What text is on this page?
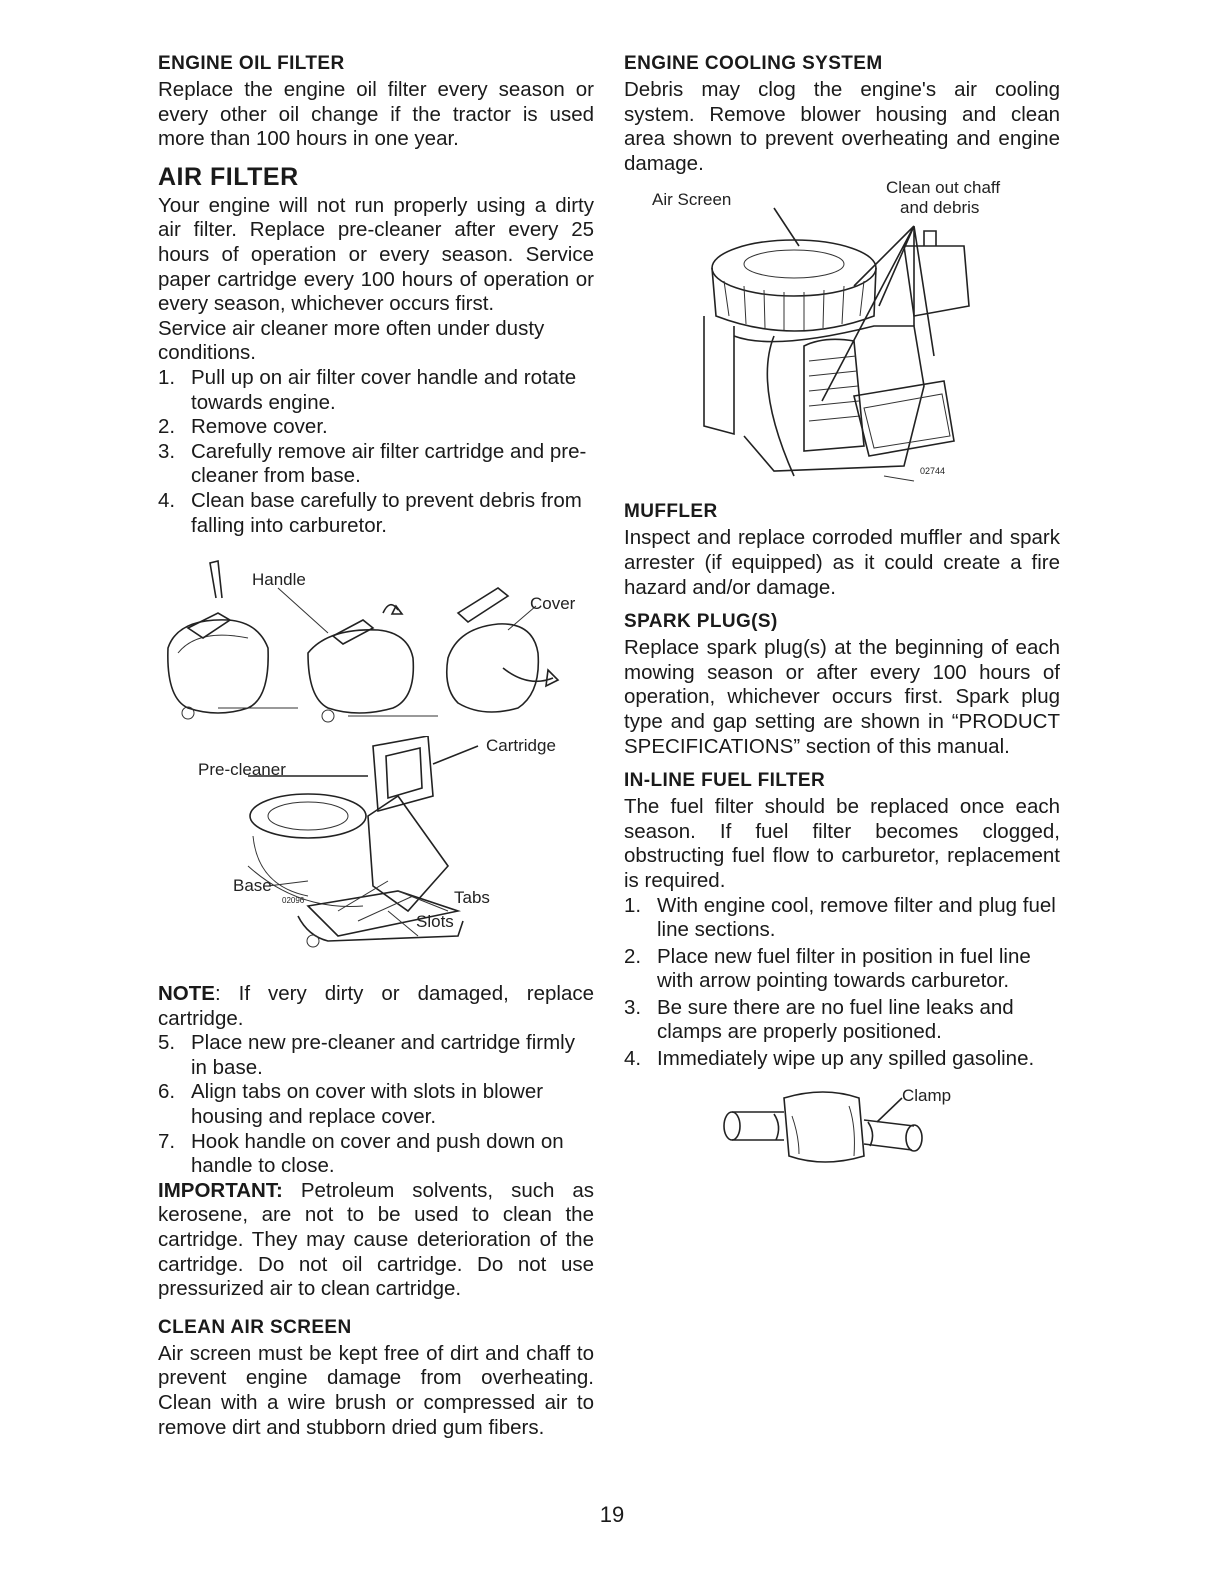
ENGINE OIL FILTER

Replace the engine oil filter every season or every other oil change if the tractor is used more than 100 hours in one year.

AIR FILTER

Your engine will not run properly using a dirty air filter. Replace pre-cleaner after every 25 hours of operation or every season. Service paper cartridge every 100 hours of operation or every season, whichever occurs first.

Service air cleaner more often under dusty conditions.

1. Pull up on air filter cover handle and rotate towards engine.
2. Remove cover.
3. Carefully remove air filter cartridge and pre-cleaner from base.
4. Clean base carefully to prevent debris from falling into carburetor.
Handle
Cover
Cartridge
Pre-cleaner
Base
Tabs
Slots
02096

NOTE: If very dirty or damaged, replace cartridge.

5. Place new pre-cleaner and cartridge firmly in base.
6. Align tabs on cover with slots in blower housing and replace cover.
7. Hook handle on cover and push down on handle to close.

IMPORTANT: Petroleum solvents, such as kerosene, are not to be used to clean the cartridge. They may cause deterioration of the cartridge. Do not oil cartridge. Do not use pressurized air to clean cartridge.

CLEAN AIR SCREEN

Air screen must be kept free of dirt and chaff to prevent engine damage from overheating. Clean with a wire brush or compressed air to remove dirt and stubborn dried gum fibers.

ENGINE COOLING SYSTEM

Debris may clog the engine's air cooling system. Remove blower housing and clean area shown to prevent overheating and engine damage.

Air Screen
Clean out chaff
and debris
02744
MUFFLER

Inspect and replace corroded muffler and spark arrester (if equipped) as it could create a fire hazard and/or damage.

SPARK PLUG(S)

Replace spark plug(s) at the beginning of each mowing season or after every 100 hours of operation, whichever occurs first. Spark plug type and gap setting are shown in “PRODUCT SPECIFICATIONS” section of this manual.

IN-LINE FUEL FILTER

The fuel filter should be replaced once each season. If fuel filter becomes clogged, obstructing fuel flow to carburetor, replacement is required.

1. With engine cool, remove filter and plug fuel line sections.
2. Place new fuel filter in position in fuel line with arrow pointing towards carburetor.
3. Be sure there are no fuel line leaks and clamps are properly positioned.
4. Immediately wipe up any spilled gasoline.
Clamp
19
